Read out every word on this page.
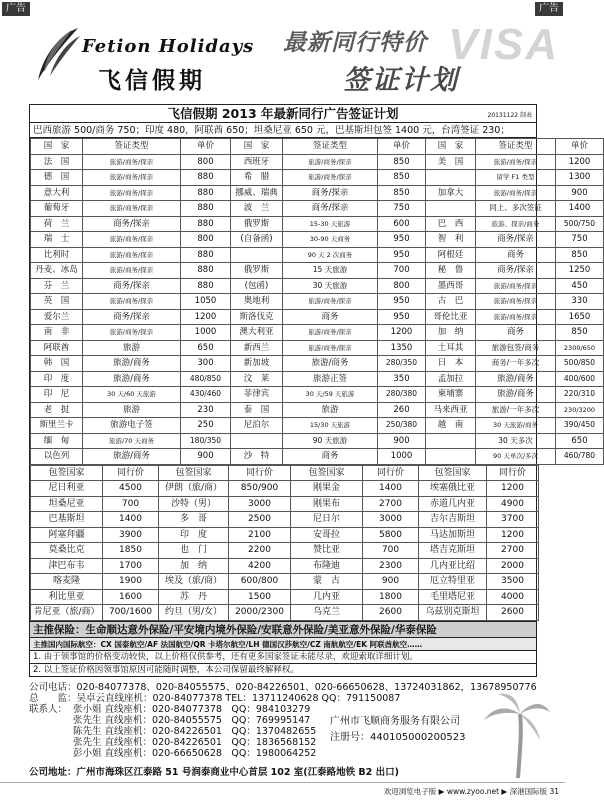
广告	广告
Fetion Holidays
飞信假期
VISA
最新同行特价
签证计划
飞信假期 2013 年最新同行广告签证计划	20131122 制表
巴西旅游 500/商务 750；印度 480，阿联酋 650；坦桑尼亚 650 元，巴基斯坦包签 1400 元，台湾签证 230；
国　家	签证类型	单价	国　家	签证类型	单价	国　家	签证类型	单价
法　国	旅游/商务/探亲	800	西班牙	旅游/商务/探亲	850	美　国	旅游/商务/探亲	1200
德　国	旅游/商务/探亲	880	希　腊	旅游/商务/探亲	850		留学 F1 类型	1300
意大利	旅游/商务/探亲	880	挪威、瑞典	商务/探亲	850	加拿大	旅游/商务/探亲	900
葡萄牙	旅游/商务/探亲	880	波　兰	商务/探亲	750		同上、多次签证	1400
荷　兰	商务/探亲	880	俄罗斯	15-30 天旅游	600	巴　西	旅游、探亲/商务	500/750
瑞　士	旅游/商务/探亲	800	(自备函)	30-90 天商务	950	智　利	商务/探亲	750
比利时	旅游/商务/探亲	880		90 天 2 次商务	950	阿根廷	商务	850
丹麦、冰岛	旅游/商务/探亲	880	俄罗斯	15 天旅游	700	秘　鲁	商务/探亲	1250
芬　兰	商务/探亲	880	(包函)	30 天旅游	800	墨西哥	旅游/商务/探亲	450
英　国	旅游/商务/探亲	1050	奥地利	旅游/商务/探亲	950	古　巴	旅游/商务/探亲	330
爱尔兰	商务/探亲	1200	斯洛伐克	商务	950	哥伦比亚	旅游/商务/探亲	1650
南　非	旅游/商务/探亲	1000	澳大利亚	旅游/商务/探亲	1200	加　纳	商务	850
阿联酋	旅游	650	新西兰	旅游/商务/探亲	1350	土耳其	旅游包签/商务	2300/650
韩　国	旅游/商务	300	新加坡	旅游/商务	280/350	日　本	商务/一年多次	500/850
印　度	旅游/商务	480/850	汶　莱	旅游正签	350	孟加拉	旅游/商务	400/600
印　尼	30 天/60 天旅游	430/460	菲律宾	30 天/59 天旅游	280/380	柬埔寨	旅游/商务	220/310
老　挝	旅游	230	泰　国	旅游	260	马来西亚	旅游/一年多次	230/3200
斯里兰卡	旅游电子签	250	尼泊尔	15/30 天旅游	250/380	越　南	30 天旅游/商务	390/450
缅　甸	旅游/70 天商务	180/350		90 天旅游	900		30 天多次	650
以色列	旅游/商务	900	沙　特	商务	1000		90 天单次/多次	460/780
包签国家	同行价	包签国家	同行价	包签国家	同行价	包签国家	同行价
尼日利亚	4500	伊朗（旅/商）	850/900	刚果金	1400	埃塞俄比亚	1200
坦桑尼亚	700	沙特（男）	3000	刚果布	2700	赤道几内亚	4900
巴基斯坦	1400	多　哥	2500	尼日尔	3000	吉尔吉斯坦	3700
阿塞拜疆	3900	印　度	2100	安哥拉	5800	马达加斯坦	1200
莫桑比克	1850	也　门	2200	赞比亚	700	塔吉克斯坦	2700
津巴布韦	1700	加　纳	4200	布隆迪	2300	几内亚比绍	2000
喀麦隆	1900	埃及（旅/商）	600/800	蒙　古	900	厄立特里亚	3500
利比里亚	1600	苏　丹	1500	几内亚	1800	毛里塔尼亚	4000
肯尼亚（旅/商）	700/1600	约旦（男/女）	2000/2300	乌克兰	2600	乌兹别克斯坦	2600
主推保险：生命顺达意外保险/平安境内境外保险/安联意外保险/美亚意外保险/华泰保险
主推国内国际航空：CX 国泰航空/AF 法国航空/QR 卡塔尔航空/LH 德国汉莎航空/CZ 南航航空/EK 阿联酋航空……
1. 由于领事馆的价格变动较快，以上价格仅供参考，还有更多国家签证未能尽录，欢迎索取详细计划。
2. 以上签证价格因领事馆原因可能随时调整，本公司保留最终解释权。
公司电话：020-84077378、020-84055575、020-84226501、020-66650628、13724031862，13678950776
总　　监：吴卓云直线座机：020-84077378 TEL：13711240628 QQ：791150087
联系人： 张小姐 直线座机：020-84077378　QQ：984103279
张先生 直线座机：020-84055575　QQ：769995147
陈先生 直线座机：020-84226501　QQ：1370482655
张先生 直线座机：020-84226501　QQ：1836568152
彭小姐 直线座机：020-66650628　QQ：1980064252
广州市飞顺商务服务有限公司
注册号：440105000200523
公司地址：广州市海珠区江泰路 51 号润泰商业中心首层 102 室(江泰路地铁 B2 出口)
欢迎浏览电子版 ▶ www.zyoo.net ▶ 深港国际版 31
